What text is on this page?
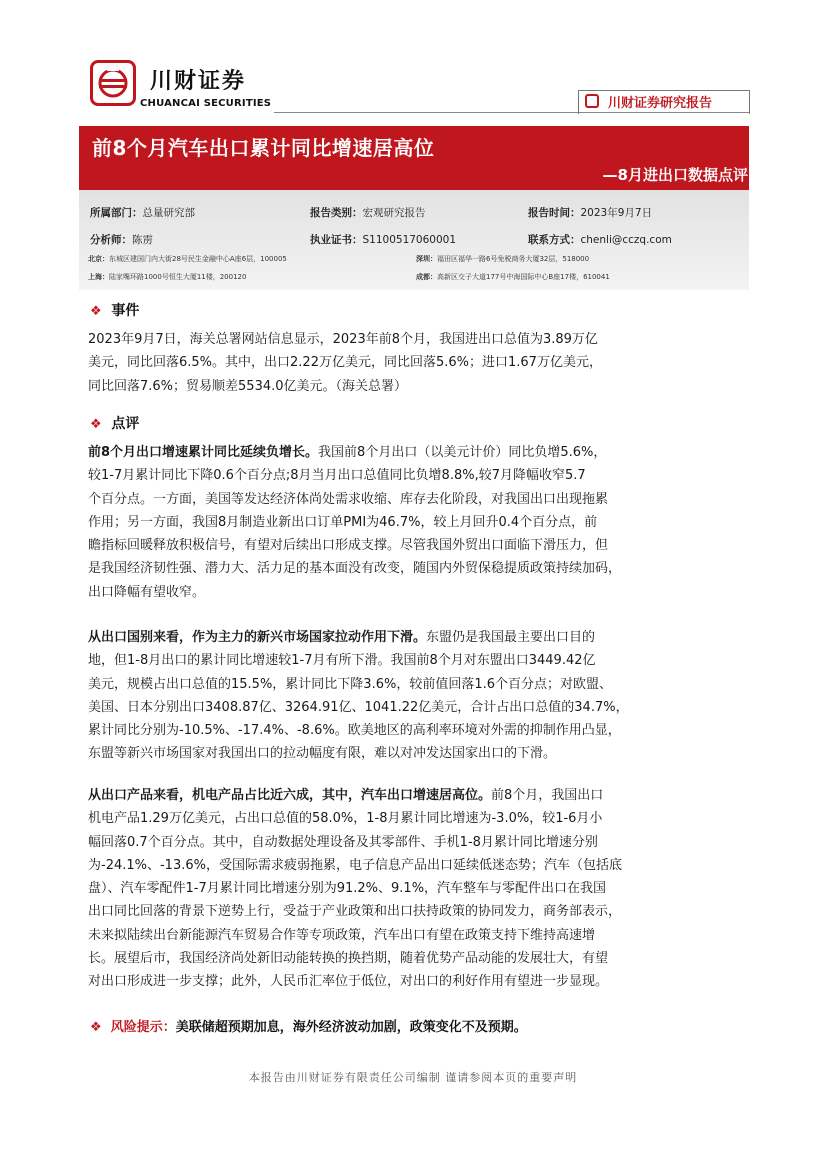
川财证券
CHUANCAI SECURITIES	川财证券研究报告
前8个月汽车出口累计同比增速居高位
—8月进出口数据点评
所属部门：总量研究部	报告类别：宏观研究报告	报告时间：2023年9月7日
分析师：陈雳	执业证书：S1100517060001	联系方式：chenli@cczq.com
北京：东城区建国门内大街28号民生金融中心A座6层，100005	深圳：福田区福华一路6号免税商务大厦32层，518000
上海：陆家嘴环路1000号恒生大厦11楼，200120	成都：高新区交子大道177号中海国际中心B座17楼，610041
❖ 事件
2023年9月7日，海关总署网站信息显示，2023年前8个月，我国进出口总值为3.89万亿
美元，同比回落6.5%。其中，出口2.22万亿美元，同比回落5.6%；进口1.67万亿美元，
同比回落7.6%；贸易顺差5534.0亿美元。（海关总署）
❖ 点评
前8个月出口增速累计同比延续负增长。我国前8个月出口（以美元计价）同比负增5.6%，
较1-7月累计同比下降0.6个百分点;8月当月出口总值同比负增8.8%,较7月降幅收窄5.7
个百分点。一方面，美国等发达经济体尚处需求收缩、库存去化阶段，对我国出口出现拖累
作用；另一方面，我国8月制造业新出口订单PMI为46.7%，较上月回升0.4个百分点，前
瞻指标回暖释放积极信号，有望对后续出口形成支撑。尽管我国外贸出口面临下滑压力，但
是我国经济韧性强、潜力大、活力足的基本面没有改变，随国内外贸保稳提质政策持续加码，
出口降幅有望收窄。
从出口国别来看，作为主力的新兴市场国家拉动作用下滑。东盟仍是我国最主要出口目的
地，但1-8月出口的累计同比增速较1-7月有所下滑。我国前8个月对东盟出口3449.42亿
美元，规模占出口总值的15.5%，累计同比下降3.6%，较前值回落1.6个百分点；对欧盟、
美国、日本分别出口3408.87亿、3264.91亿、1041.22亿美元，合计占出口总值的34.7%，
累计同比分别为-10.5%、-17.4%、-8.6%。欧美地区的高利率环境对外需的抑制作用凸显，
东盟等新兴市场国家对我国出口的拉动幅度有限，难以对冲发达国家出口的下滑。
从出口产品来看，机电产品占比近六成，其中，汽车出口增速居高位。前8个月，我国出口
机电产品1.29万亿美元，占出口总值的58.0%，1-8月累计同比增速为-3.0%，较1-6月小
幅回落0.7个百分点。其中，自动数据处理设备及其零部件、手机1-8月累计同比增速分别
为-24.1%、-13.6%，受国际需求疲弱拖累，电子信息产品出口延续低迷态势；汽车（包括底
盘）、汽车零配件1-7月累计同比增速分别为91.2%、9.1%，汽车整车与零配件出口在我国
出口同比回落的背景下逆势上行，受益于产业政策和出口扶持政策的协同发力，商务部表示，
未来拟陆续出台新能源汽车贸易合作等专项政策，汽车出口有望在政策支持下维持高速增
长。展望后市，我国经济尚处新旧动能转换的换挡期，随着优势产品动能的发展壮大，有望
对出口形成进一步支撑；此外，人民币汇率位于低位，对出口的利好作用有望进一步显现。
❖ 风险提示：美联储超预期加息，海外经济波动加剧，政策变化不及预期。
本报告由川财证券有限责任公司编制 谨请参阅本页的重要声明
